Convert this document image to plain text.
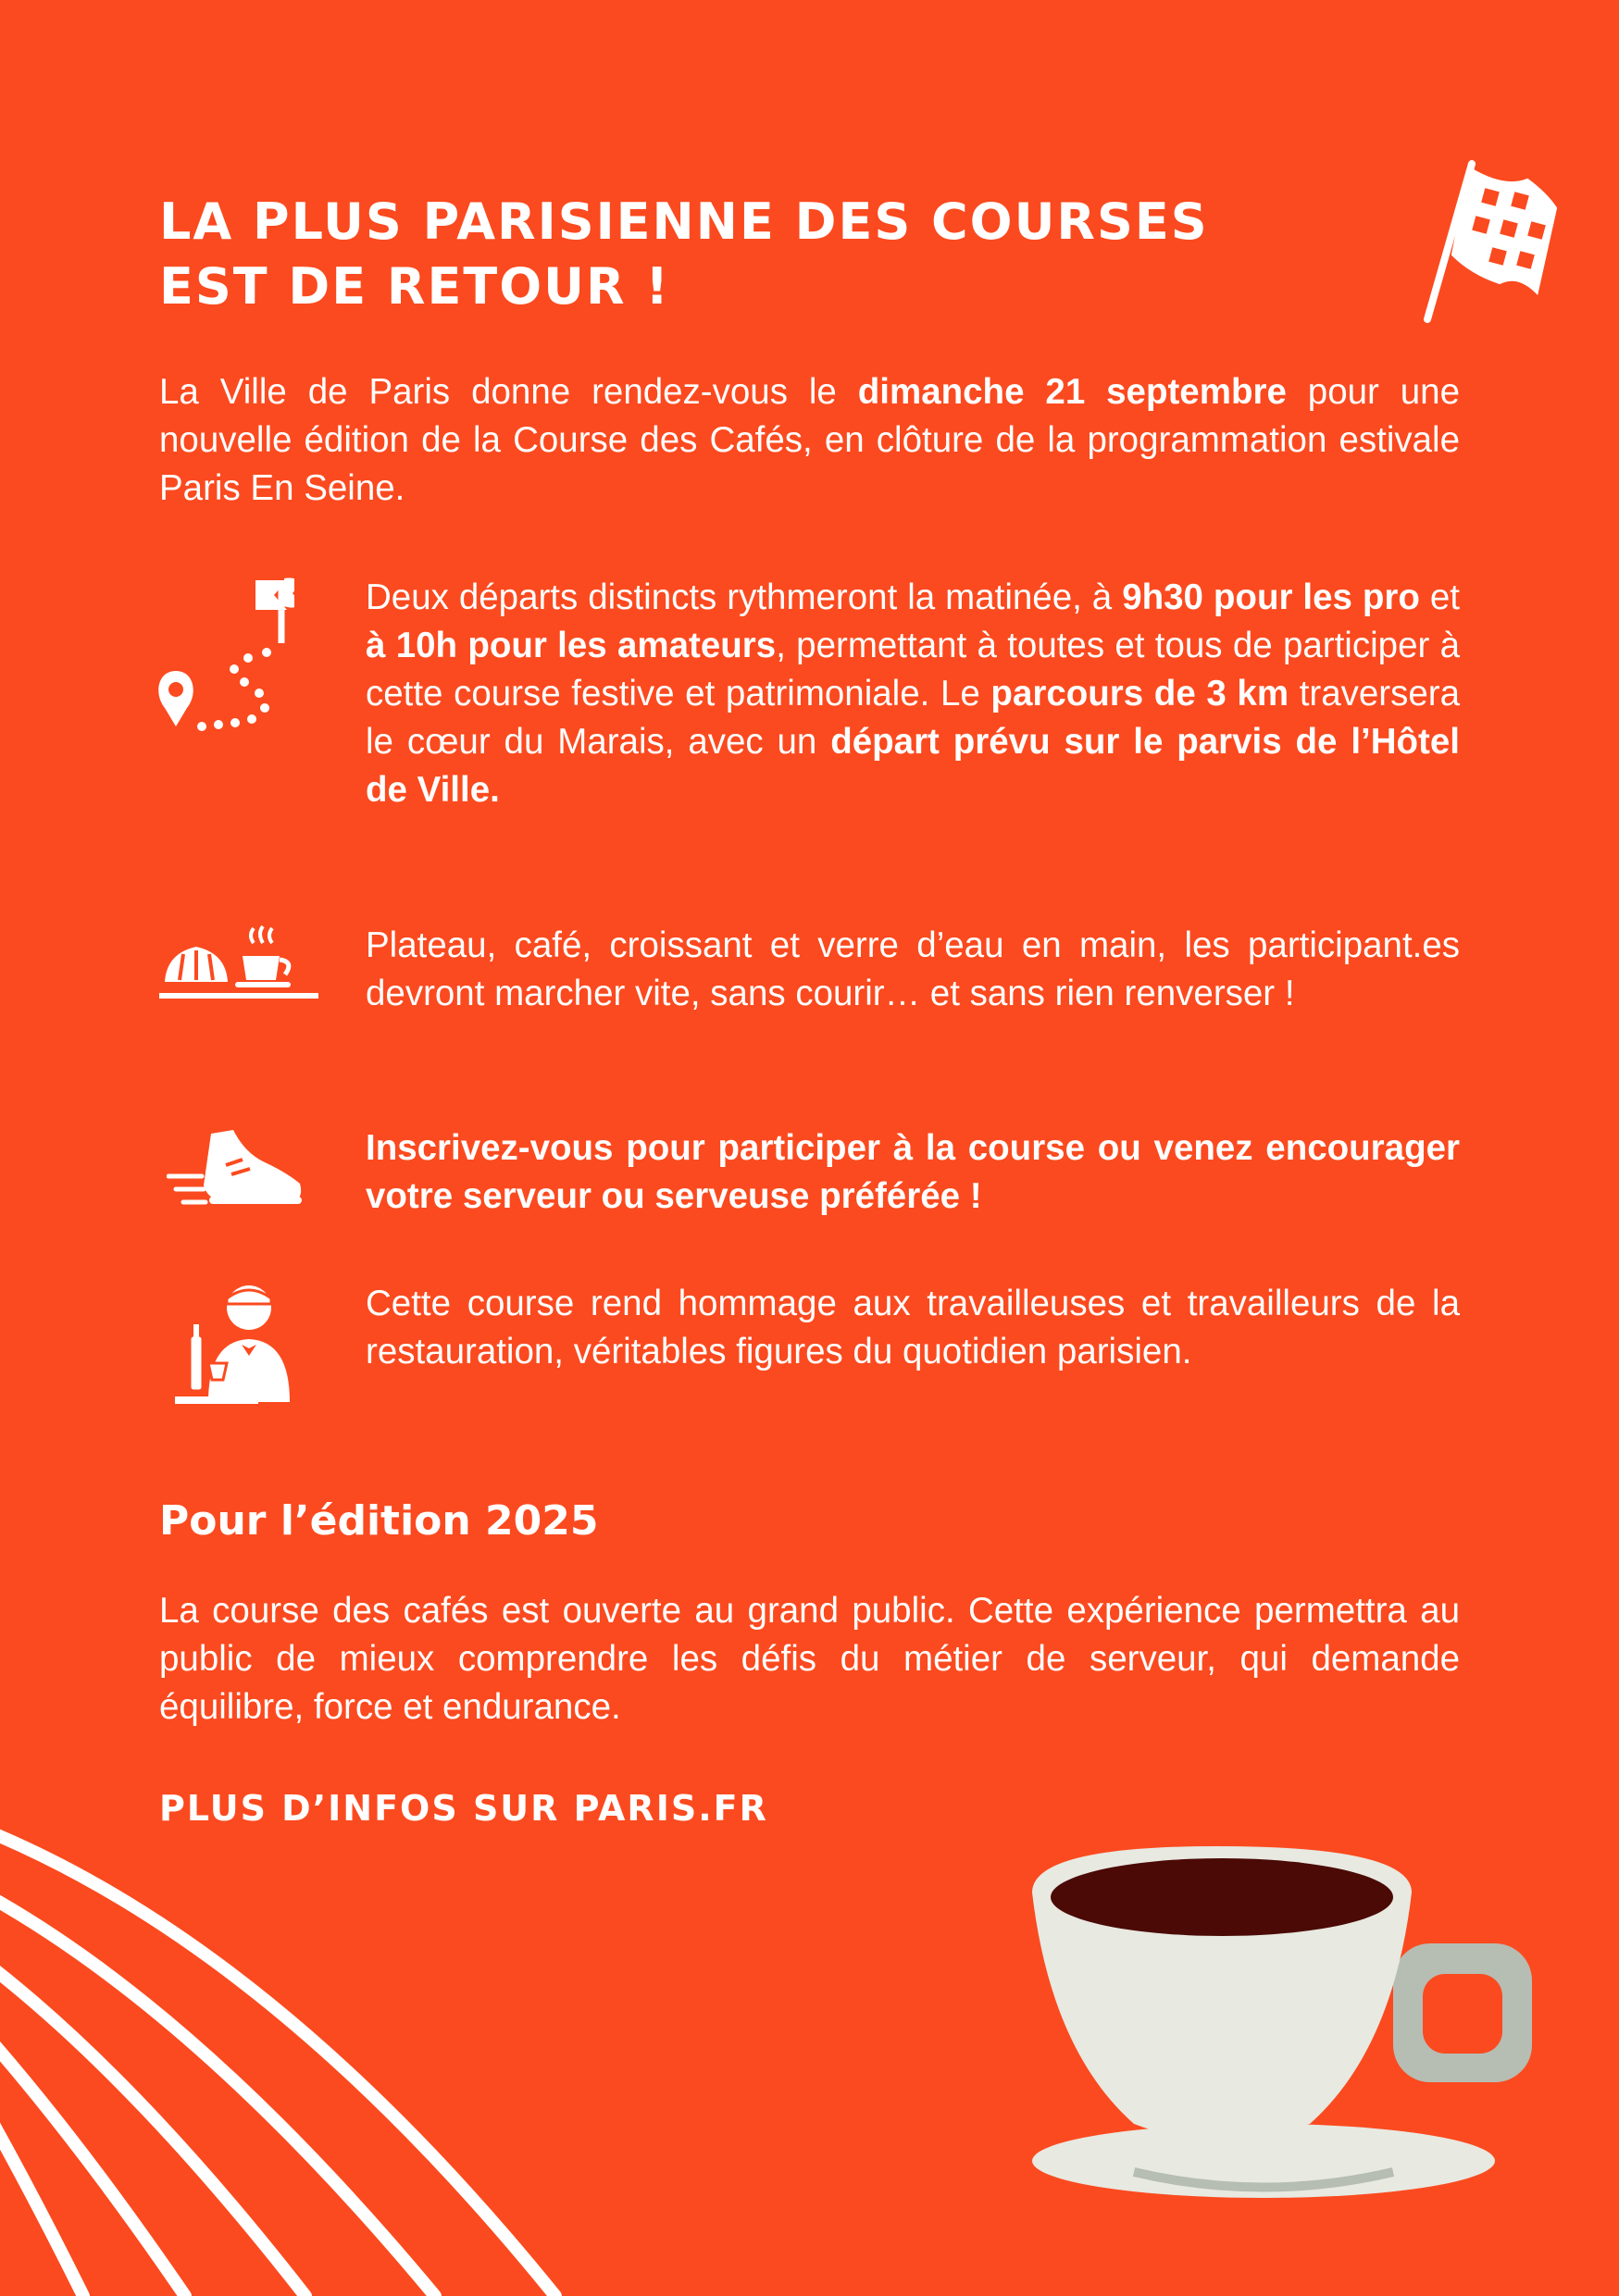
LA PLUS PARISIENNE DES COURSES
EST DE RETOUR !

La Ville de Paris donne rendez-vous le dimanche 21 septembre pour une nouvelle édition de la Course des Cafés, en clôture de la programmation estivale Paris En Seine.

Deux départs distincts rythmeront la matinée, à 9h30 pour les pro et à 10h pour les amateurs, permettant à toutes et tous de participer à cette course festive et patrimoniale. Le parcours de 3 km traversera le cœur du Marais, avec un départ prévu sur le parvis de l’Hôtel de Ville.

Plateau, café, croissant et verre d’eau en main, les participant.es devront marcher vite, sans courir… et sans rien renverser !

Inscrivez-vous pour participer à la course ou venez encourager votre serveur ou serveuse préférée !

Cette course rend hommage aux travailleuses et travailleurs de la restauration, véritables figures du quotidien parisien.

Pour l’édition 2025

La course des cafés est ouverte au grand public. Cette expérience permettra au public de mieux comprendre les défis du métier de serveur, qui demande équilibre, force et endurance.

PLUS D’INFOS SUR PARIS.FR
